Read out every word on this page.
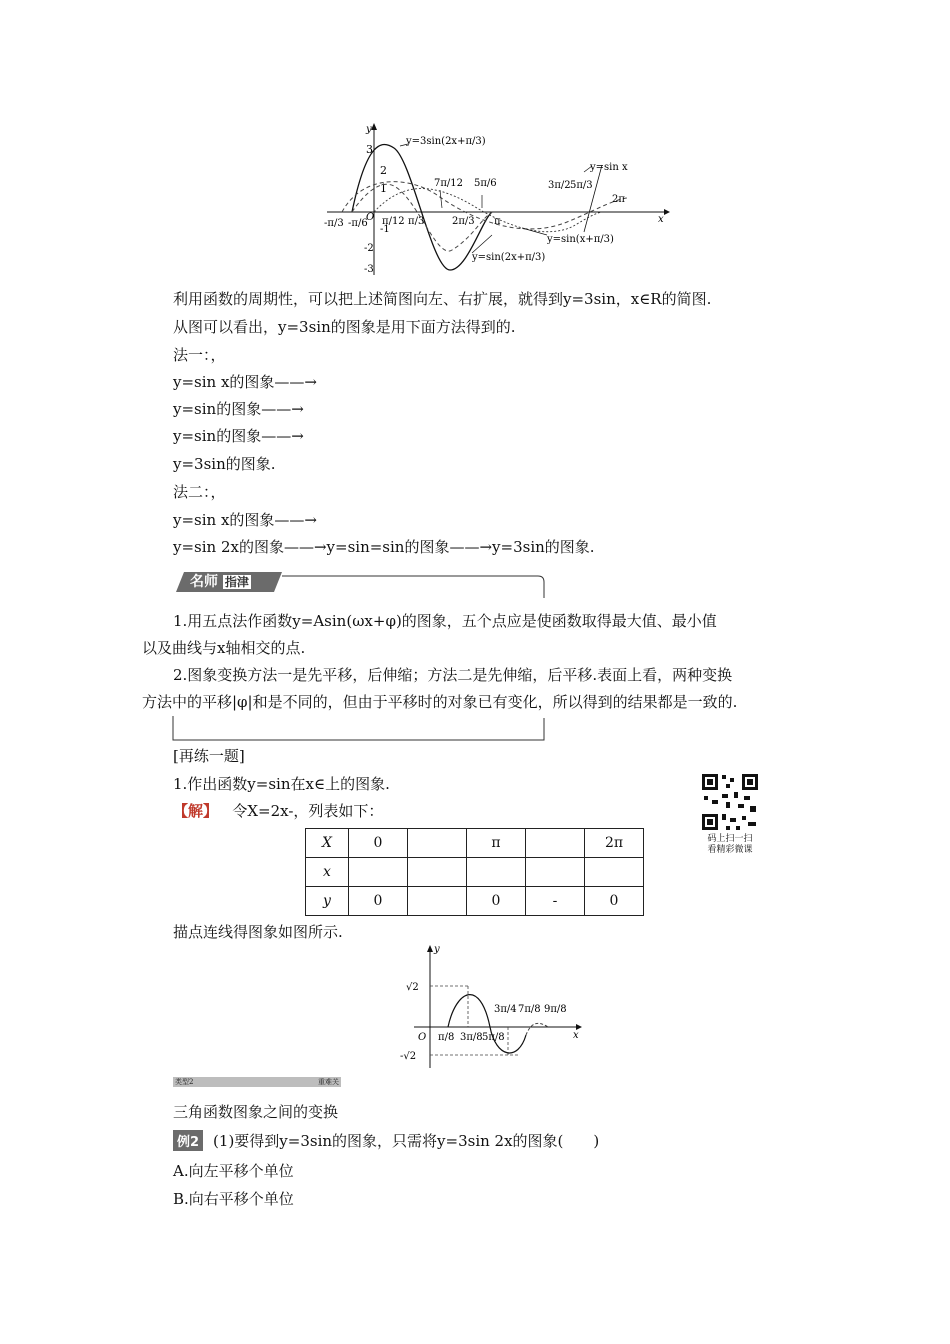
y
x
3
2
1
-1
-2
-3
y=3sin(2x+π/3)
y=sin x
y=sin(x+π/3)
y=sin(2x+π/3)
7π/12 5π/6	3π/2 5π/3
2π
-π/3 -π/6
O π/12 π/3	2π/3 π
利用函数的周期性，可以把上述简图向左、右扩展，就得到y=3sin，x∈R的简图.
从图可以看出，y=3sin的图象是用下面方法得到的.
法一：，
y=sin x的图象——→
y=sin的图象——→
y=sin的图象——→
y=3sin的图象.
法二：，
y=sin x的图象——→
y=sin 2x的图象——→y=sin=sin的图象——→y=3sin的图象.
名师 指津
1.用五点法作函数y=Asin(ωx+φ)的图象，五个点应是使函数取得最大值、最小值
以及曲线与x轴相交的点.
2.图象变换方法一是先平移，后伸缩；方法二是先伸缩，后平移.表面上看，两种变换
方法中的平移|φ|和是不同的，但由于平移时的对象已有变化，所以得到的结果都是一致的.
[再练一题]
1.作出函数y=sin在x∈上的图象.
【解】 令X=2x-，列表如下：
码上扫一扫
看精彩微课
X	0		π		2π
x					
y	0		0	-	0
描点连线得图象如图所示.
y
x
O
√2
-√2
π/8 3π/8 5π/8
3π/4 7π/8 9π/8
类型2	重难关
三角函数图象之间的变换
例2 (1)要得到y=3sin的图象，只需将y=3sin 2x的图象(　　)
A.向左平移个单位
B.向右平移个单位
